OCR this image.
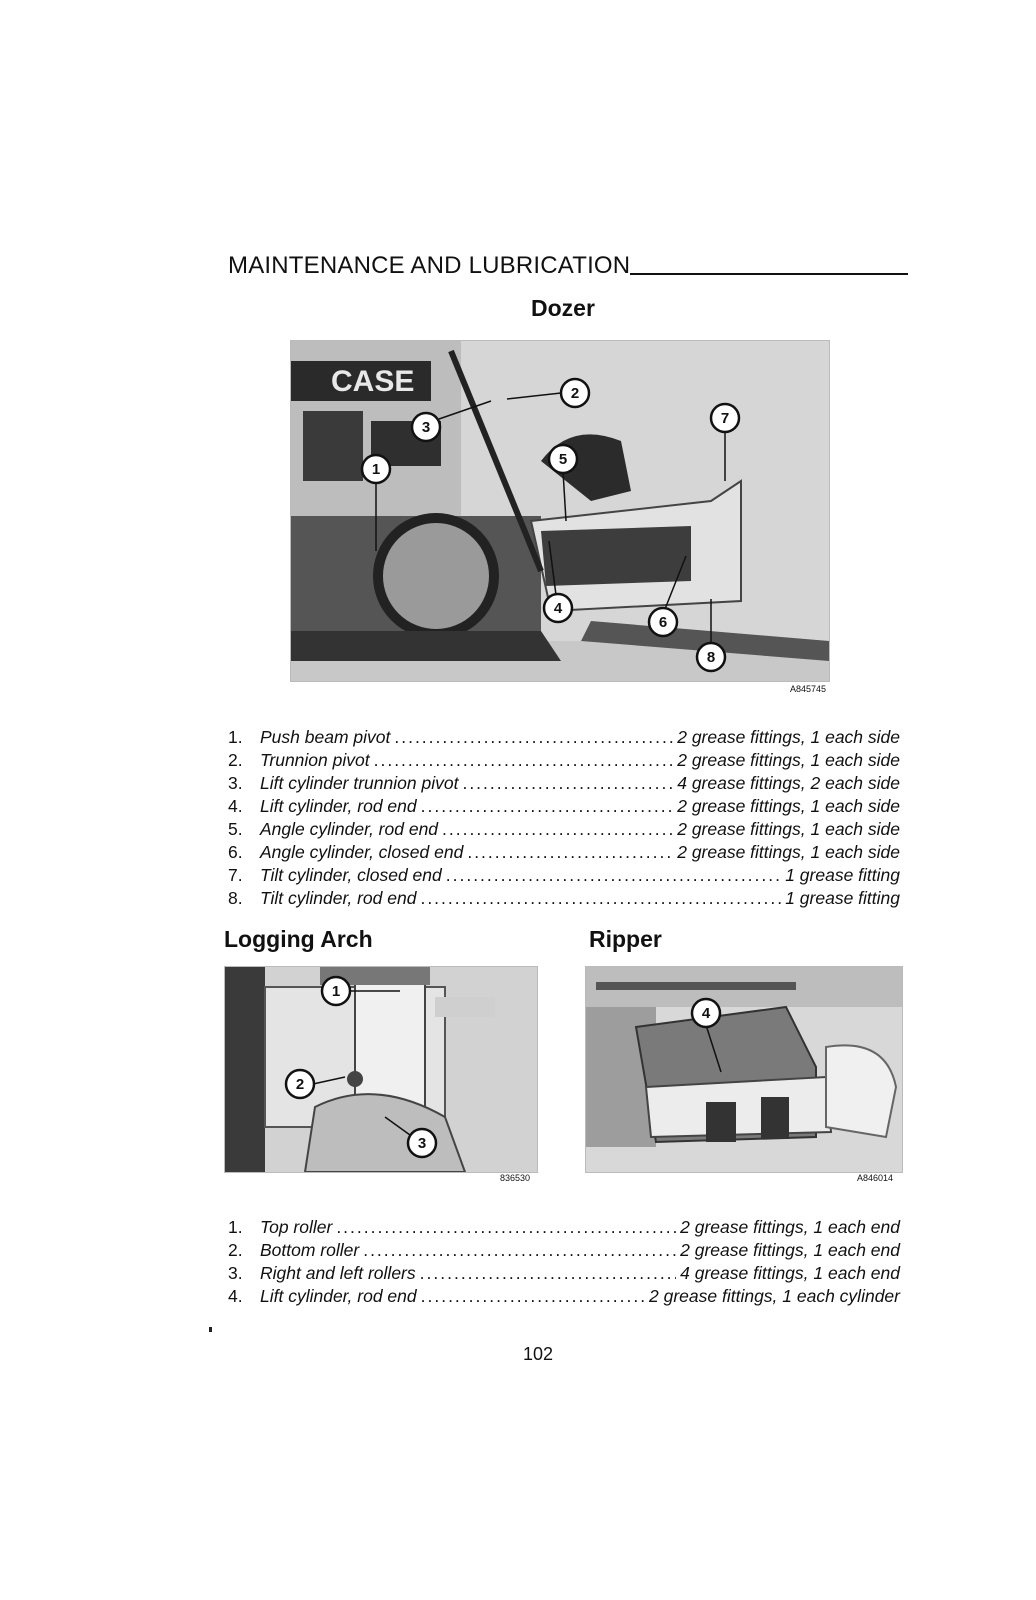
MAINTENANCE AND LUBRICATION
Dozer
CASE
1
2
3
4
5
6
7
8
A845745
1. Push beam pivot .....	2 grease fittings, 1 each side
2. Trunnion pivot .....	2 grease fittings, 1 each side
3. Lift cylinder trunnion pivot .....	4 grease fittings, 2 each side
4. Lift cylinder, rod end .....	2 grease fittings, 1 each side
5. Angle cylinder, rod end .....	2 grease fittings, 1 each side
6. Angle cylinder, closed end .....	2 grease fittings, 1 each side
7. Tilt cylinder, closed end .....	1 grease fitting
8. Tilt cylinder, rod end .....	1 grease fitting
Logging Arch
1
2
3
836530
Ripper
4
A846014
1. Top roller .....	2 grease fittings, 1 each end
2. Bottom roller .....	2 grease fittings, 1 each end
3. Right and left rollers .....	4 grease fittings, 1 each end
4. Lift cylinder, rod end .....	2 grease fittings, 1 each cylinder
102
